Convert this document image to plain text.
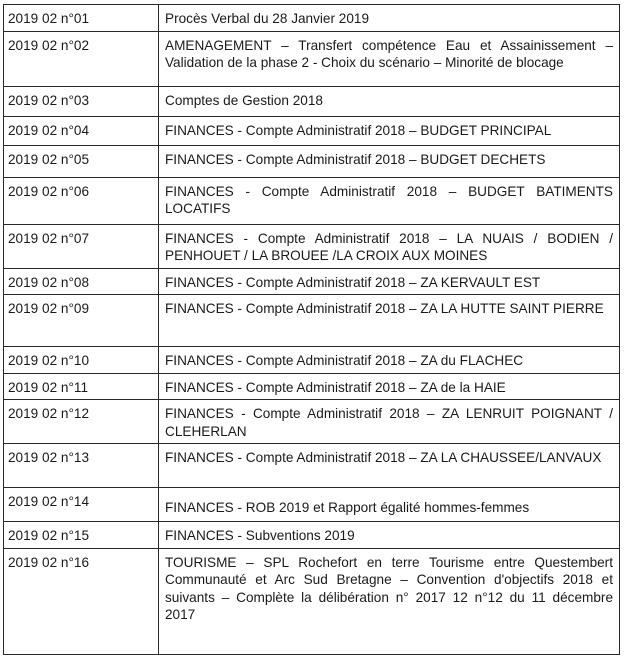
2019 02 n°01	Procès Verbal du 28 Janvier 2019
2019 02 n°02	AMENAGEMENT – Transfert compétence Eau et Assainissement – Validation de la phase 2 - Choix du scénario – Minorité de blocage
2019 02 n°03	Comptes de Gestion 2018
2019 02 n°04	FINANCES - Compte Administratif 2018 – BUDGET PRINCIPAL
2019 02 n°05	FINANCES - Compte Administratif 2018 – BUDGET DECHETS
2019 02 n°06	FINANCES - Compte Administratif 2018 – BUDGET BATIMENTS LOCATIFS
2019 02 n°07	FINANCES - Compte Administratif 2018 – LA NUAIS / BODIEN / PENHOUET / LA BROUEE /LA CROIX AUX MOINES
2019 02 n°08	FINANCES - Compte Administratif 2018 – ZA KERVAULT EST
2019 02 n°09	FINANCES - Compte Administratif 2018 – ZA LA HUTTE SAINT PIERRE
2019 02 n°10	FINANCES - Compte Administratif 2018 – ZA du FLACHEC
2019 02 n°11	FINANCES - Compte Administratif 2018 – ZA de la HAIE
2019 02 n°12	FINANCES - Compte Administratif 2018 – ZA LENRUIT POIGNANT / CLEHERLAN
2019 02 n°13	FINANCES - Compte Administratif 2018 – ZA LA CHAUSSEE/LANVAUX
2019 02 n°14	FINANCES - ROB 2019 et Rapport égalité hommes-femmes
2019 02 n°15	FINANCES - Subventions 2019
2019 02 n°16	TOURISME – SPL Rochefort en terre Tourisme entre Questembert Communauté et Arc Sud Bretagne – Convention d'objectifs 2018 et suivants – Complète la délibération n° 2017 12 n°12 du 11 décembre 2017
